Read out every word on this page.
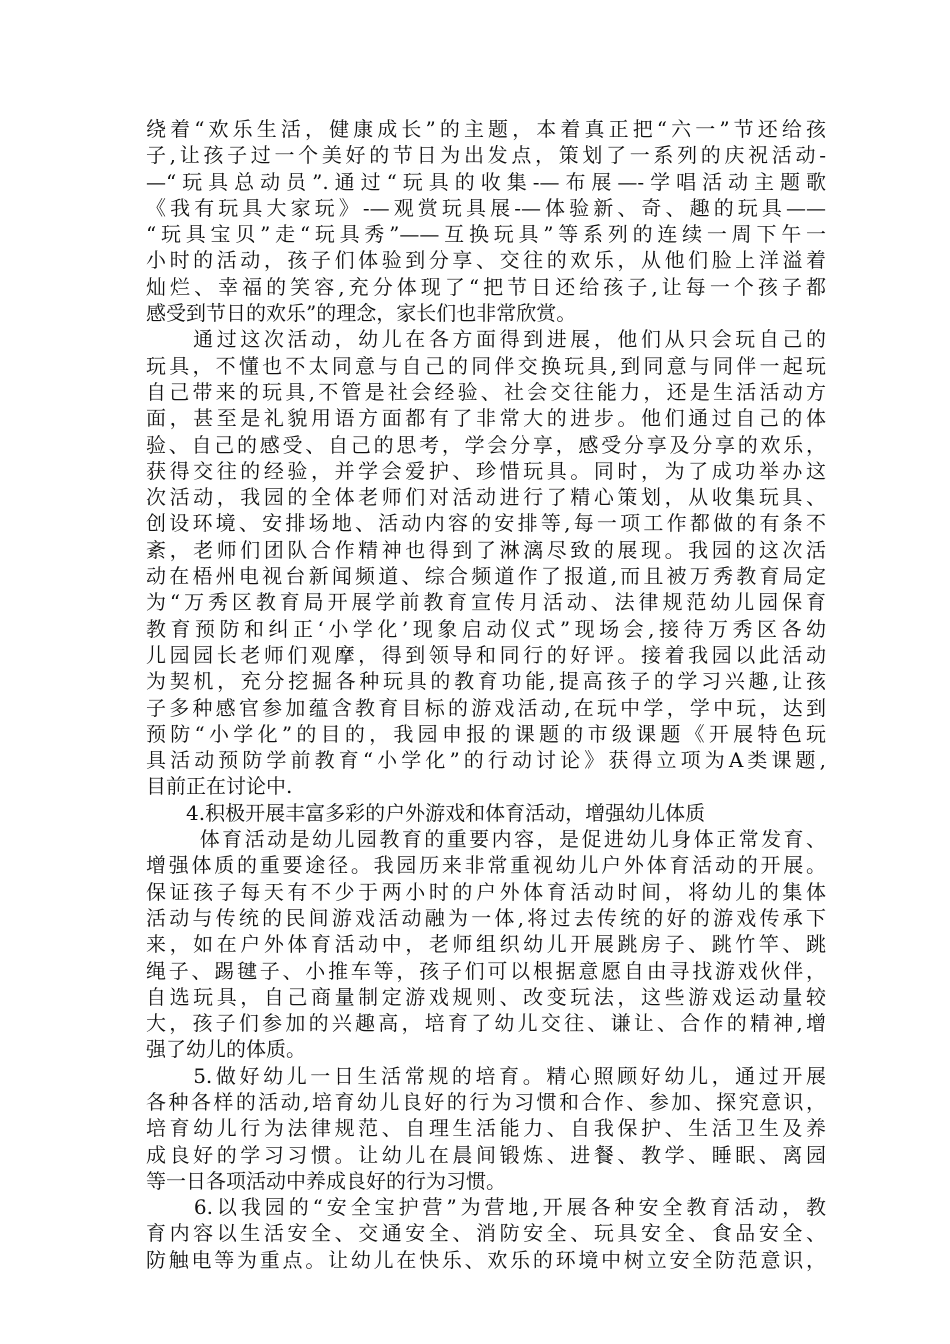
绕着“欢乐生活，健康成长”的主题，本着真正把“六一”节还给孩
子,让孩子过一个美好的节日为出发点，策划了一系列的庆祝活动-
—“玩具总动员”.通过“玩具的收集-—布展—-学唱活动主题歌
《我有玩具大家玩》-—观赏玩具展-—体验新、奇、趣的玩具——
“玩具宝贝”走“玩具秀”——互换玩具”等系列的连续一周下午一
小时的活动，孩子们体验到分享、交往的欢乐，从他们脸上洋溢着
灿烂、幸福的笑容,充分体现了“把节日还给孩子,让每一个孩子都
感受到节日的欢乐”的理念，家长们也非常欣赏。
　　通过这次活动，幼儿在各方面得到进展，他们从只会玩自己的
玩具，不懂也不太同意与自己的同伴交换玩具,到同意与同伴一起玩
自己带来的玩具,不管是社会经验、社会交往能力，还是生活活动方
面，甚至是礼貌用语方面都有了非常大的进步。他们通过自己的体
验、自己的感受、自己的思考，学会分享，感受分享及分享的欢乐，
获得交往的经验，并学会爱护、珍惜玩具。同时，为了成功举办这
次活动，我园的全体老师们对活动进行了精心策划，从收集玩具、
创设环境、安排场地、活动内容的安排等,每一项工作都做的有条不
紊，老师们团队合作精神也得到了淋漓尽致的展现。我园的这次活
动在梧州电视台新闻频道、综合频道作了报道,而且被万秀教育局定
为“万秀区教育局开展学前教育宣传月活动、法律规范幼儿园保育
教育预防和纠正‘小学化’现象启动仪式”现场会,接待万秀区各幼
儿园园长老师们观摩，得到领导和同行的好评。接着我园以此活动
为契机，充分挖掘各种玩具的教育功能,提高孩子的学习兴趣,让孩
子多种感官参加蕴含教育目标的游戏活动,在玩中学，学中玩，达到
预防“小学化”的目的，我园申报的课题的市级课题《开展特色玩
具活动预防学前教育“小学化”的行动讨论》获得立项为A类课题,
目前正在讨论中.
　　4.积极开展丰富多彩的户外游戏和体育活动，增强幼儿体质
　　 体育活动是幼儿园教育的重要内容，是促进幼儿身体正常发育、
增强体质的重要途径。我园历来非常重视幼儿户外体育活动的开展。
保证孩子每天有不少于两小时的户外体育活动时间，将幼儿的集体
活动与传统的民间游戏活动融为一体,将过去传统的好的游戏传承下
来，如在户外体育活动中，老师组织幼儿开展跳房子、跳竹竿、跳
绳子、踢毽子、小推车等，孩子们可以根据意愿自由寻找游戏伙伴，
自选玩具，自己商量制定游戏规则、改变玩法，这些游戏运动量较
大，孩子们参加的兴趣高，培育了幼儿交往、谦让、合作的精神,增
强了幼儿的体质。
　　5.做好幼儿一日生活常规的培育。精心照顾好幼儿，通过开展
各种各样的活动,培育幼儿良好的行为习惯和合作、参加、探究意识，
培育幼儿行为法律规范、自理生活能力、自我保护、生活卫生及养
成良好的学习习惯。让幼儿在晨间锻炼、进餐、教学、睡眠、离园
等一日各项活动中养成良好的行为习惯。
　　6.以我园的“安全宝护营”为营地,开展各种安全教育活动，教
育内容以生活安全、交通安全、消防安全、玩具安全、食品安全、
防触电等为重点。让幼儿在快乐、欢乐的环境中树立安全防范意识，
